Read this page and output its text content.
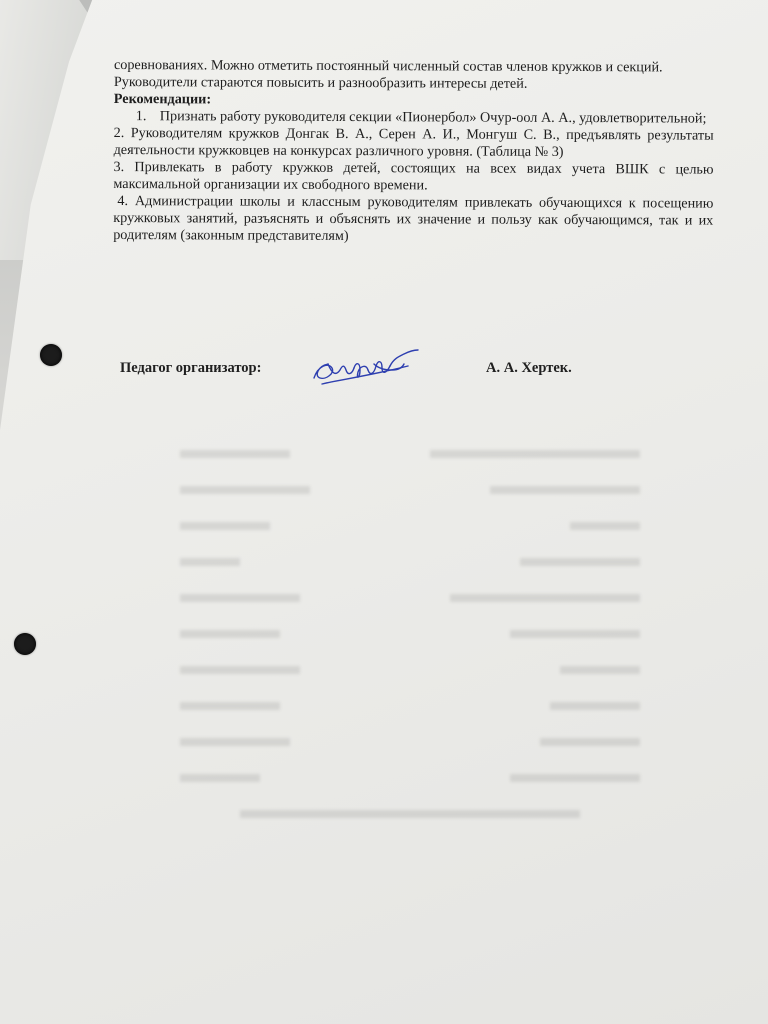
соревнованиях. Можно отметить постоянный численный состав членов кружков и секций.

Руководители стараются повысить и разнообразить интересы детей.

Рекомендации:

1. Признать работу руководителя секции «Пионербол» Очур-оол А. А., удовлетворительной;

2. Руководителям кружков Донгак В. А., Серен А. И., Монгуш С. В., предъявлять результаты деятельности кружковцев на конкурсах различного уровня. (Таблица № 3)

3. Привлекать в работу кружков детей, состоящих на всех видах учета ВШК с целью максимальной организации их свободного времени.

4. Администрации школы и классным руководителям привлекать обучающихся к посещению кружковых занятий, разъяснять и объяснять их значение и пользу как обучающимся, так и их родителям (законным представителям)

Педагог организатор:	А. А. Хертек.
